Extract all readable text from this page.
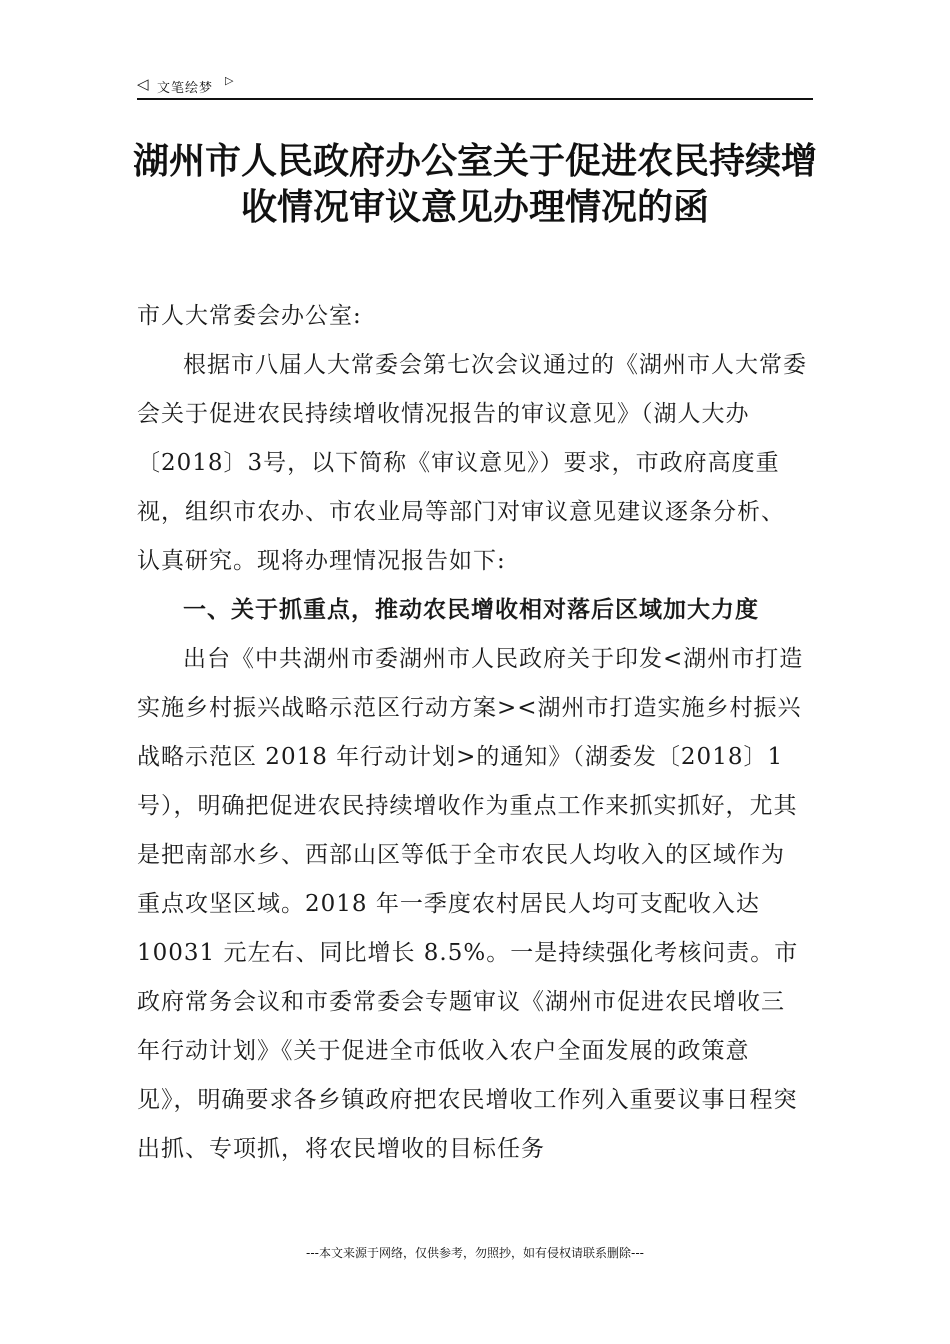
◁ 文笔绘梦
▷
湖州市人民政府办公室关于促进农民持续增
收情况审议意见办理情况的函

市人大常委会办公室:

根据市八届人大常委会第七次会议通过的《湖州市人大常委会关于促进农民持续增收情况报告的审议意见》（湖人大办〔2018〕3号，以下简称《审议意见》）要求，市政府高度重视，组织市农办、市农业局等部门对审议意见建议逐条分析、认真研究。现将办理情况报告如下:

一、关于抓重点，推动农民增收相对落后区域加大力度

出台《中共湖州市委湖州市人民政府关于印发<湖州市打造实施乡村振兴战略示范区行动方案><湖州市打造实施乡村振兴战略示范区 2018 年行动计划>的通知》（湖委发〔2018〕1号），明确把促进农民持续增收作为重点工作来抓实抓好，尤其是把南部水乡、西部山区等低于全市农民人均收入的区域作为重点攻坚区域。2018 年一季度农村居民人均可支配收入达 10031 元左右、同比增长 8.5%。一是持续强化考核问责。市政府常务会议和市委常委会专题审议《湖州市促进农民增收三年行动计划》《关于促进全市低收入农户全面发展的政策意见》，明确要求各乡镇政府把农民增收工作列入重要议事日程突出抓、专项抓，将农民增收的目标任务

---本文来源于网络，仅供参考，勿照抄，如有侵权请联系删除---
